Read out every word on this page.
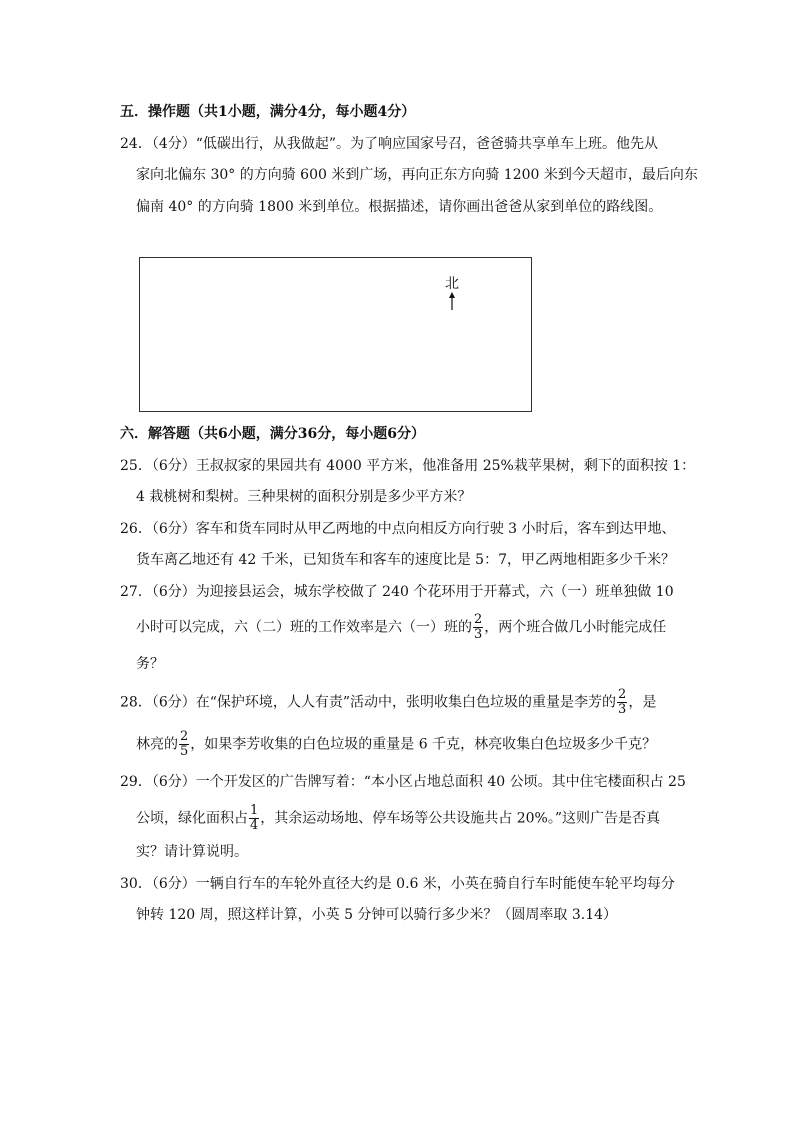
五．操作题（共1小题，满分4分，每小题4分）
24．（4分）“低碳出行，从我做起”。为了响应国家号召，爸爸骑共享单车上班。他先从
家向北偏东 30° 的方向骑 600 米到广场，再向正东方向骑 1200 米到今天超市，最后向东
偏南 40° 的方向骑 1800 米到单位。根据描述，请你画出爸爸从家到单位的路线图。
北
六．解答题（共6小题，满分36分，每小题6分）
25．（6分）王叔叔家的果园共有 4000 平方米，他准备用 25%栽苹果树，剩下的面积按 1：
4 栽桃树和梨树。三种果树的面积分别是多少平方米？
26．（6分）客车和货车同时从甲乙两地的中点向相反方向行驶 3 小时后，客车到达甲地、
货车离乙地还有 42 千米，已知货车和客车的速度比是 5：7，甲乙两地相距多少千米？
27．（6分）为迎接县运会，城东学校做了 240 个花环用于开幕式，六（一）班单独做 10
小时可以完成，六（二）班的工作效率是六（一）班的 $\frac{2}{3}$ ，两个班合做几小时能完成任
务？
28．（6分）在“保护环境，人人有责”活动中，张明收集白色垃圾的重量是李芳的 $\frac{2}{3}$ ，是
林亮的 $\frac{2}{5}$ ，如果李芳收集的白色垃圾的重量是 6 千克，林亮收集白色垃圾多少千克？
29．（6分）一个开发区的广告牌写着：“本小区占地总面积 40 公顷。其中住宅楼面积占 25
公顷，绿化面积占 $\frac{1}{4}$ ，其余运动场地、停车场等公共设施共占 20%。”这则广告是否真
实？请计算说明。
30．（6分）一辆自行车的车轮外直径大约是 0.6 米，小英在骑自行车时能使车轮平均每分
钟转 120 周，照这样计算，小英 5 分钟可以骑行多少米？（圆周率取 3.14）
